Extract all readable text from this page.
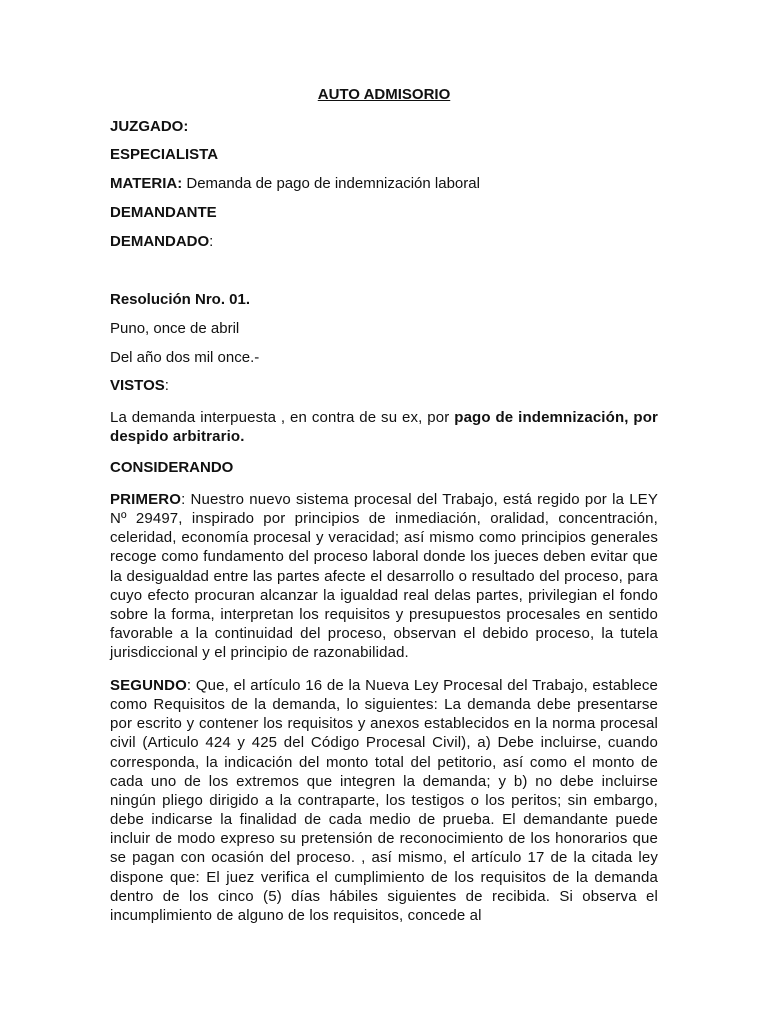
AUTO ADMISORIO

JUZGADO:

ESPECIALISTA

MATERIA: Demanda de pago de indemnización laboral

DEMANDANTE

DEMANDADO:

Resolución Nro. 01.

Puno, once de abril

Del año dos mil once.-

VISTOS:

La demanda interpuesta , en contra de su ex, por pago de indemnización, por despido arbitrario.

CONSIDERANDO

PRIMERO: Nuestro nuevo sistema procesal del Trabajo, está regido por la LEY Nº 29497, inspirado por principios de inmediación, oralidad, concentración, celeridad, economía procesal y veracidad; así mismo como principios generales recoge como fundamento del proceso laboral donde los jueces deben evitar que la desigualdad entre las partes afecte el desarrollo o resultado del proceso, para cuyo efecto procuran alcanzar la igualdad real delas partes, privilegian el fondo sobre la forma, interpretan los requisitos y presupuestos procesales en sentido favorable a la continuidad del proceso, observan el debido proceso, la tutela jurisdiccional y el principio de razonabilidad.

SEGUNDO: Que, el artículo 16 de la Nueva Ley Procesal del Trabajo, establece como Requisitos de la demanda, lo siguientes: La demanda debe presentarse por escrito y contener los requisitos y anexos establecidos en la norma procesal civil (Articulo 424 y 425 del Código Procesal Civil), a) Debe incluirse, cuando corresponda, la indicación del monto total del petitorio, así como el monto de cada uno de los extremos que integren la demanda; y b) no debe incluirse ningún pliego dirigido a la contraparte, los testigos o los peritos; sin embargo, debe indicarse la finalidad de cada medio de prueba. El demandante puede incluir de modo expreso su pretensión de reconocimiento de los honorarios que se pagan con ocasión del proceso. , así mismo, el artículo 17 de la citada ley dispone que: El juez verifica el cumplimiento de los requisitos de la demanda dentro de los cinco (5) días hábiles siguientes de recibida. Si observa el incumplimiento de alguno de los requisitos, concede al
